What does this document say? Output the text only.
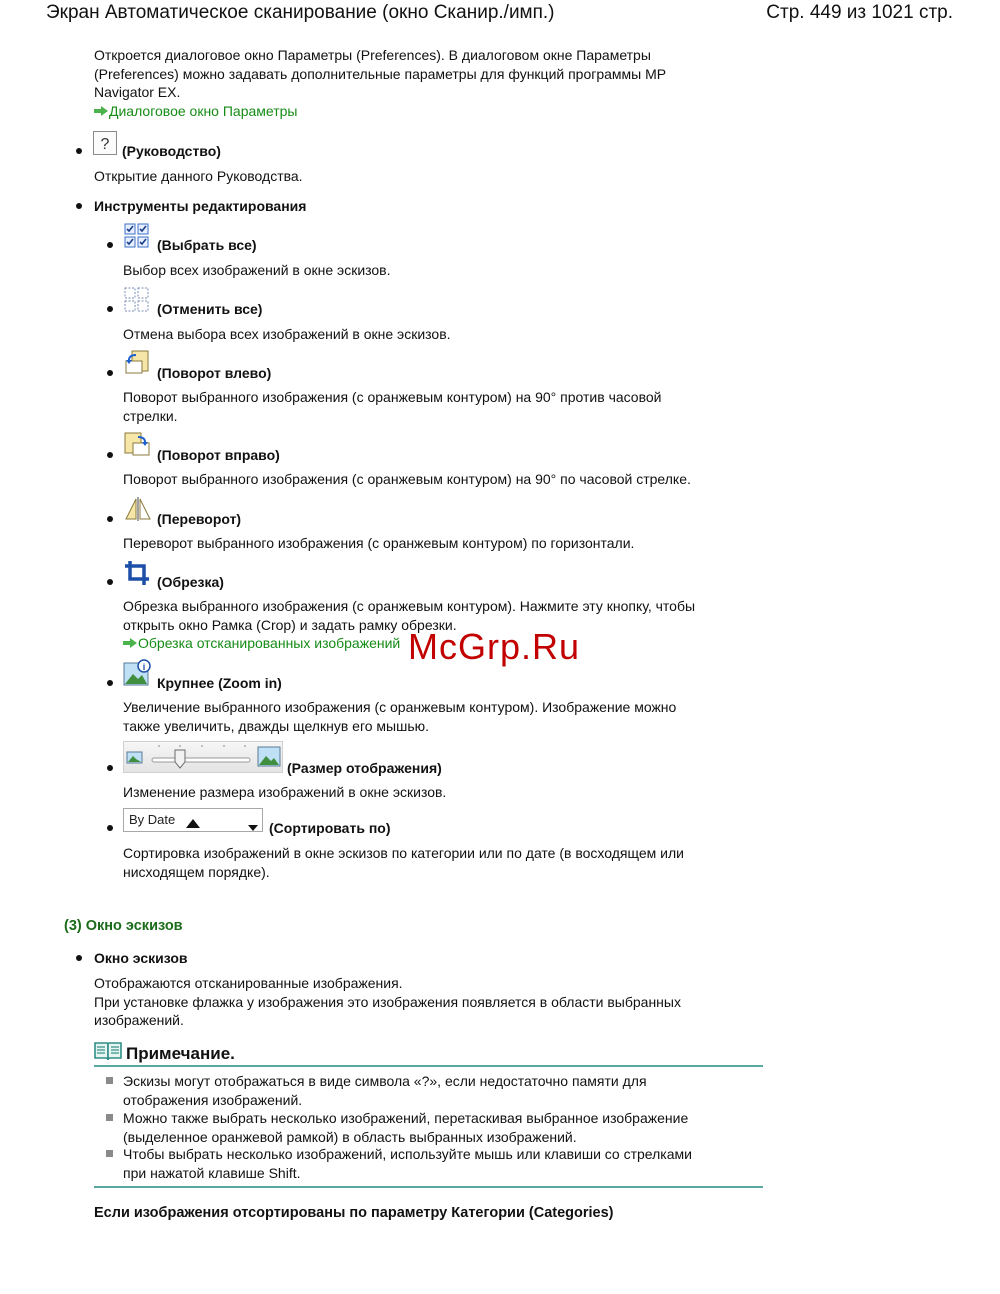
Экран Автоматическое сканирование (окно Сканир./имп.)	Стр. 449 из 1021 стр.
Откроется диалоговое окно Параметры (Preferences). В диалоговом окне Параметры
(Preferences) можно задавать дополнительные параметры для функций программы MP
Navigator EX.
Диалоговое окно Параметры
? (Руководство)
Открытие данного Руководства.
Инструменты редактирования
(Выбрать все)
Выбор всех изображений в окне эскизов.
(Отменить все)
Отмена выбора всех изображений в окне эскизов.
(Поворот влево)
Поворот выбранного изображения (с оранжевым контуром) на 90° против часовой
стрелки.
(Поворот вправо)
Поворот выбранного изображения (с оранжевым контуром) на 90° по часовой стрелке.
(Переворот)
Переворот выбранного изображения (с оранжевым контуром) по горизонтали.
(Обрезка)
Обрезка выбранного изображения (с оранжевым контуром). Нажмите эту кнопку, чтобы
открыть окно Рамка (Crop) и задать рамку обрезки.
Обрезка отсканированных изображений
i
Крупнее (Zoom in)
Увеличение выбранного изображения (с оранжевым контуром). Изображение можно
также увеличить, дважды щелкнув его мышью.
(Размер отображения)
Изменение размера изображений в окне эскизов.
By Date
(Сортировать по)
Сортировка изображений в окне эскизов по категории или по дате (в восходящем или
нисходящем порядке).
(3) Окно эскизов
Окно эскизов
Отображаются отсканированные изображения.
При установке флажка у изображения это изображения появляется в области выбранных
изображений.
Примечание.
Эскизы могут отображаться в виде символа «?», если недостаточно памяти для
отображения изображений.
Можно также выбрать несколько изображений, перетаскивая выбранное изображение
(выделенное оранжевой рамкой) в область выбранных изображений.
Чтобы выбрать несколько изображений, используйте мышь или клавиши со стрелками
при нажатой клавише Shift.
Если изображения отсортированы по параметру Категории (Categories)
McGrp.Ru
